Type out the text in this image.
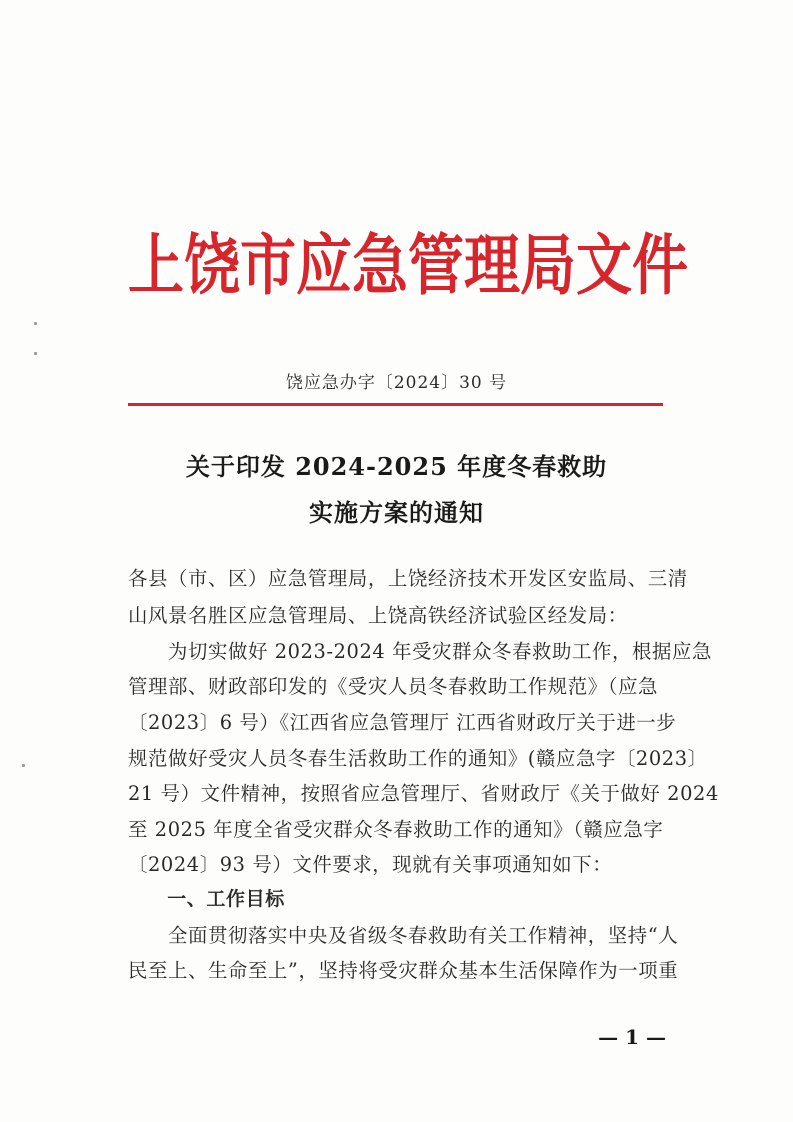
上饶市应急管理局文件
饶应急办字〔2024〕30 号
关于印发 2024-2025 年度冬春救助
实施方案的通知
各县（市、区）应急管理局，上饶经济技术开发区安监局、三清
山风景名胜区应急管理局、上饶高铁经济试验区经发局：
　　为切实做好 2023-2024 年受灾群众冬春救助工作，根据应急
管理部、财政部印发的《受灾人员冬春救助工作规范》（应急
〔2023〕6 号）《江西省应急管理厅 江西省财政厅关于进一步
规范做好受灾人员冬春生活救助工作的通知》(赣应急字〔2023〕
21 号）文件精神，按照省应急管理厅、省财政厅《关于做好 2024
至 2025 年度全省受灾群众冬春救助工作的通知》（赣应急字
〔2024〕93 号）文件要求，现就有关事项通知如下：
　　一、工作目标
　　全面贯彻落实中央及省级冬春救助有关工作精神，坚持“人
民至上、生命至上”，坚持将受灾群众基本生活保障作为一项重
— 1 —
